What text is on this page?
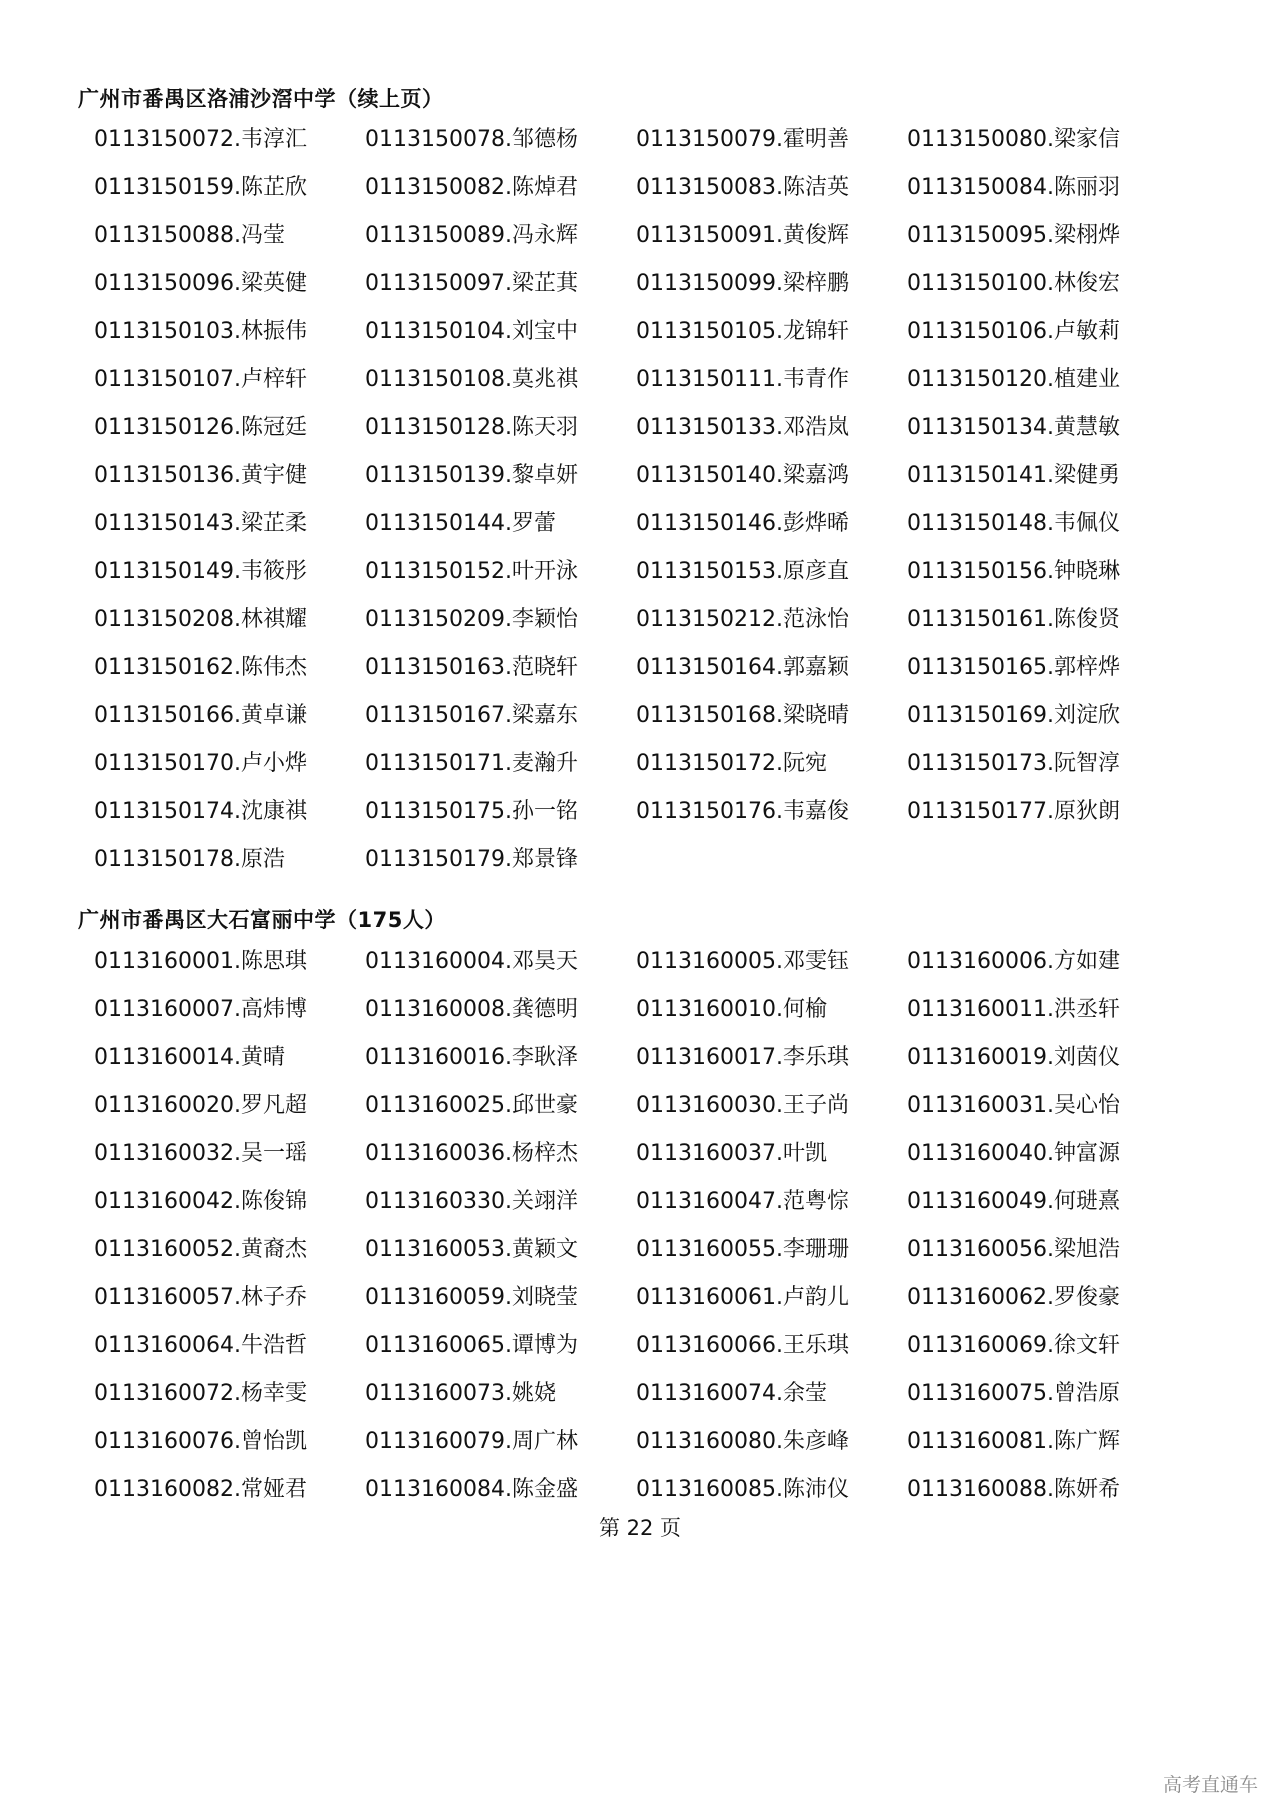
广州市番禺区洛浦沙滘中学（续上页）
0113150072.韦淳汇	0113150078.邹德杨	0113150079.霍明善	0113150080.梁家信
0113150159.陈芷欣	0113150082.陈焯君	0113150083.陈洁英	0113150084.陈丽羽
0113150088.冯莹	0113150089.冯永辉	0113150091.黄俊辉	0113150095.梁栩烨
0113150096.梁英健	0113150097.梁芷萁	0113150099.梁梓鹏	0113150100.林俊宏
0113150103.林振伟	0113150104.刘宝中	0113150105.龙锦轩	0113150106.卢敏莉
0113150107.卢梓轩	0113150108.莫兆祺	0113150111.韦青作	0113150120.植建业
0113150126.陈冠廷	0113150128.陈天羽	0113150133.邓浩岚	0113150134.黄慧敏
0113150136.黄宇健	0113150139.黎卓妍	0113150140.梁嘉鸿	0113150141.梁健勇
0113150143.梁芷柔	0113150144.罗蕾	0113150146.彭烨晞	0113150148.韦佩仪
0113150149.韦筱彤	0113150152.叶开泳	0113150153.原彦直	0113150156.钟晓琳
0113150208.林祺耀	0113150209.李颖怡	0113150212.范泳怡	0113150161.陈俊贤
0113150162.陈伟杰	0113150163.范晓轩	0113150164.郭嘉颖	0113150165.郭梓烨
0113150166.黄卓谦	0113150167.梁嘉东	0113150168.梁晓晴	0113150169.刘淀欣
0113150170.卢小烨	0113150171.麦瀚升	0113150172.阮宛	0113150173.阮智淳
0113150174.沈康祺	0113150175.孙一铭	0113150176.韦嘉俊	0113150177.原狄朗
0113150178.原浩	0113150179.郑景锋
广州市番禺区大石富丽中学（175人）
0113160001.陈思琪	0113160004.邓昊天	0113160005.邓雯钰	0113160006.方如建
0113160007.高炜博	0113160008.龚德明	0113160010.何榆	0113160011.洪丞轩
0113160014.黄晴	0113160016.李耿泽	0113160017.李乐琪	0113160019.刘茵仪
0113160020.罗凡超	0113160025.邱世豪	0113160030.王子尚	0113160031.吴心怡
0113160032.吴一瑶	0113160036.杨梓杰	0113160037.叶凯	0113160040.钟富源
0113160042.陈俊锦	0113160330.关翊洋	0113160047.范粤悰	0113160049.何琎熹
0113160052.黄裔杰	0113160053.黄颖文	0113160055.李珊珊	0113160056.梁旭浩
0113160057.林子乔	0113160059.刘晓莹	0113160061.卢韵儿	0113160062.罗俊豪
0113160064.牛浩哲	0113160065.谭博为	0113160066.王乐琪	0113160069.徐文轩
0113160072.杨幸雯	0113160073.姚娆	0113160074.余莹	0113160075.曾浩原
0113160076.曾怡凯	0113160079.周广林	0113160080.朱彦峰	0113160081.陈广辉
0113160082.常娅君	0113160084.陈金盛	0113160085.陈沛仪	0113160088.陈妍希
第 22 页
高考直通车
